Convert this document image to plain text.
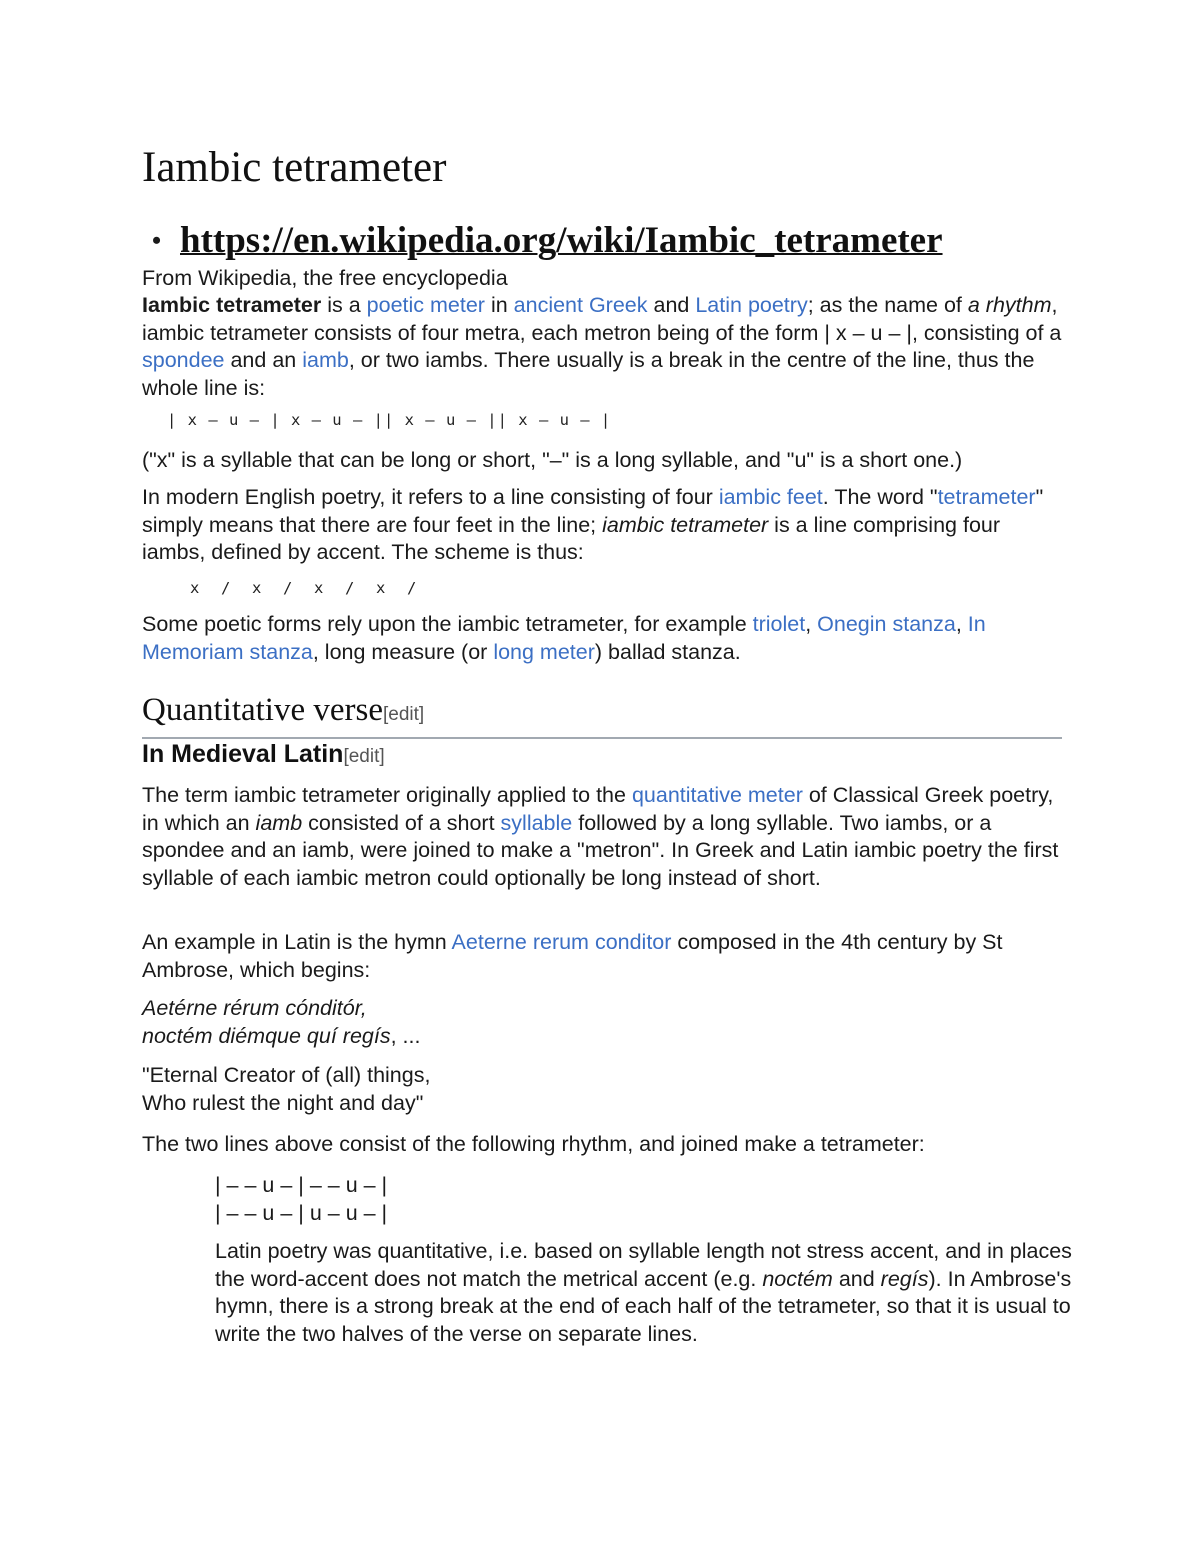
Iambic tetrameter
• https://en.wikipedia.org/wiki/Iambic_tetrameter

From Wikipedia, the free encyclopedia

Iambic tetrameter is a poetic meter in ancient Greek and Latin poetry; as the name of a rhythm, iambic tetrameter consists of four metra, each metron being of the form | x – u – |, consisting of a spondee and an iamb, or two iambs. There usually is a break in the centre of the line, thus the whole line is:

| x – u – | x – u – || x – u – || x – u – |

("x" is a syllable that can be long or short, "–" is a long syllable, and "u" is a short one.)

In modern English poetry, it refers to a line consisting of four iambic feet. The word "tetrameter" simply means that there are four feet in the line; iambic tetrameter is a line comprising four iambs, defined by accent. The scheme is thus:

x  /  x  /  x  /  x  /

Some poetic forms rely upon the iambic tetrameter, for example triolet, Onegin stanza, In Memoriam stanza, long measure (or long meter) ballad stanza.

Quantitative verse[edit]
In Medieval Latin[edit]

The term iambic tetrameter originally applied to the quantitative meter of Classical Greek poetry, in which an iamb consisted of a short syllable followed by a long syllable. Two iambs, or a spondee and an iamb, were joined to make a "metron". In Greek and Latin iambic poetry the first syllable of each iambic metron could optionally be long instead of short.

An example in Latin is the hymn Aeterne rerum conditor composed in the 4th century by St Ambrose, which begins:

Aetérne rérum cónditór,
noctém diémque quí regís, ...
"Eternal Creator of (all) things,
Who rulest the night and day"

The two lines above consist of the following rhythm, and joined make a tetrameter:

| – – u – | – – u – |
| – – u – | u – u – |

Latin poetry was quantitative, i.e. based on syllable length not stress accent, and in places the word-accent does not match the metrical accent (e.g. noctém and regís). In Ambrose's hymn, there is a strong break at the end of each half of the tetrameter, so that it is usual to write the two halves of the verse on separate lines.
